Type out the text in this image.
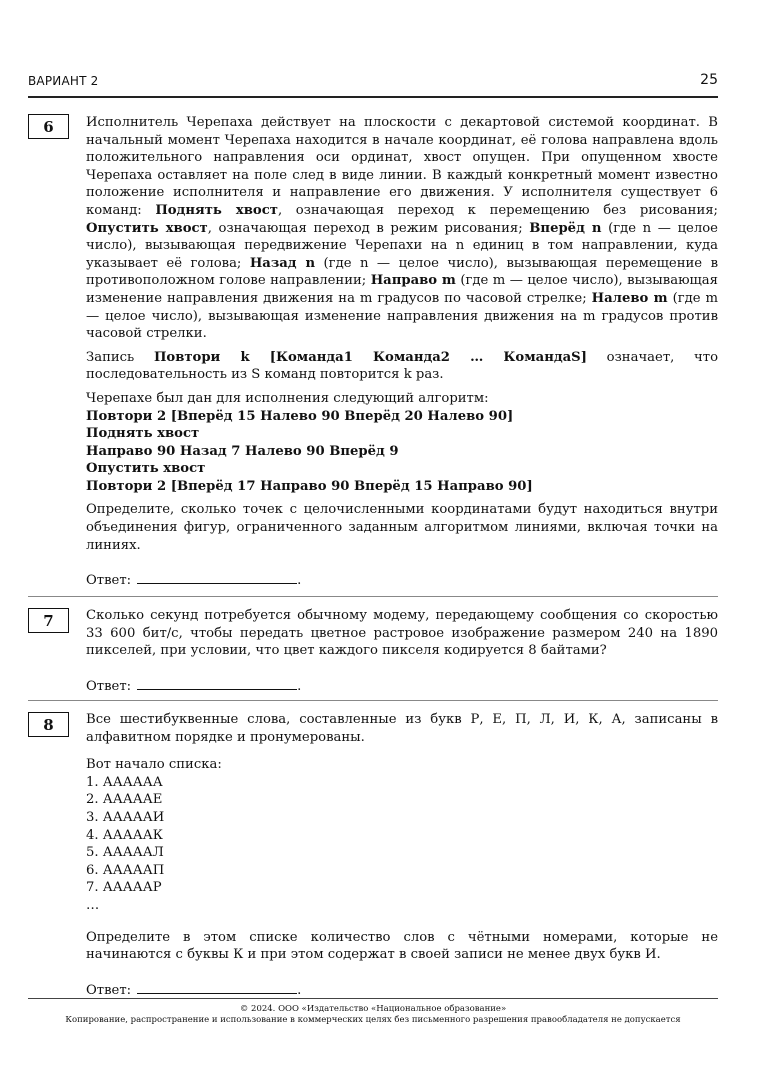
ВАРИАНТ 2	25
6	Исполнитель Черепаха действует на плоскости с декартовой системой координат. В начальный момент Черепаха находится в начале координат, её голова направлена вдоль положительного направления оси ординат, хвост опущен. При опущенном хвосте Черепаха оставляет на поле след в виде линии. В каждый конкретный момент известно положение исполнителя и направление его движения. У исполнителя существует 6 команд: Поднять хвост, означающая переход к перемещению без рисования; Опустить хвост, означающая переход в режим рисования; Вперёд n (где n — целое число), вызывающая передвижение Черепахи на n единиц в том направлении, куда указывает её голова; Назад n (где n — целое число), вызывающая перемещение в противоположном голове направлении; Направо m (где m — целое число), вызывающая изменение направления движения на m градусов по часовой стрелке; Налево m (где m — целое число), вызывающая изменение направления движения на m градусов против часовой стрелки.

Запись Повтори k [Команда1 Команда2 … КомандаS] означает, что последовательность из S команд повторится k раз.

Черепахе был дан для исполнения следующий алгоритм:

Повтори 2 [Вперёд 15 Налево 90 Вперёд 20 Налево 90]

Поднять хвост

Направо 90 Назад 7 Налево 90 Вперёд 9

Опустить хвост

Повтори 2 [Вперёд 17 Направо 90 Вперёд 15 Направо 90]

Определите, сколько точек с целочисленными координатами будут находиться внутри объединения фигур, ограниченного заданным алгоритмом линиями, включая точки на линиях.

Ответ:	.

7	Сколько секунд потребуется обычному модему, передающему сообщения со скоростью 33 600 бит/с, чтобы передать цветное растровое изображение размером 240 на 1890 пикселей, при условии, что цвет каждого пикселя кодируется 8 байтами?

Ответ:	.

8	Все шестибуквенные слова, составленные из букв Р, Е, П, Л, И, К, А, записаны в алфавитном порядке и пронумерованы.

Вот начало списка:

1. АААААА

2. АААААЕ

3. АААААИ

4. АААААК

5. АААААЛ

6. АААААП

7. АААААР

…

Определите в этом списке количество слов с чётными номерами, которые не начинаются с буквы К и при этом содержат в своей записи не менее двух букв И.

Ответ:	.

© 2024. ООО «Издательство «Национальное образование»
Копирование, распространение и использование в коммерческих целях без письменного разрешения правообладателя не допускается
